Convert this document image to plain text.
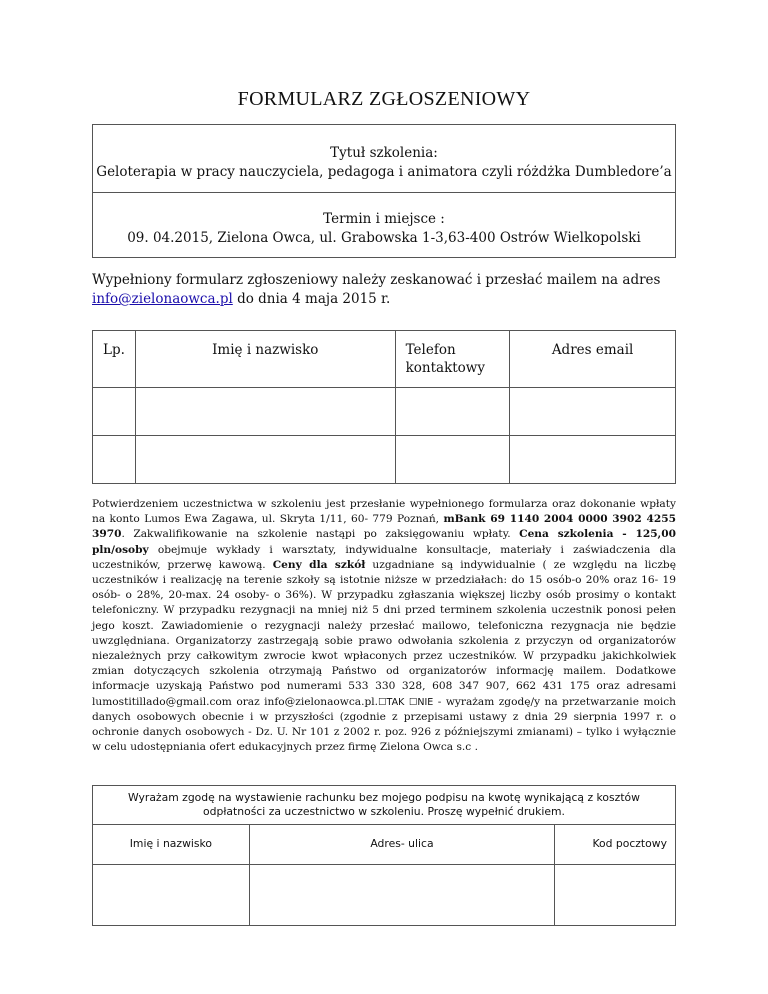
FORMULARZ ZGŁOSZENIOWY
Tytuł szkolenia:
Geloterapia w pracy nauczyciela, pedagoga i animatora czyli różdżka Dumbledore’a
Termin i miejsce :
09. 04.2015, Zielona Owca, ul. Grabowska 1-3,63-400 Ostrów Wielkopolski
Wypełniony formularz zgłoszeniowy należy zeskanować i przesłać mailem na adres
info@zielonaowca.pl do dnia 4 maja 2015 r.
Lp.	Imię i nazwisko	Telefon kontaktowy	Adres email

Potwierdzeniem uczestnictwa w szkoleniu jest przesłanie wypełnionego formularza oraz dokonanie wpłaty na konto Lumos Ewa Zagawa, ul. Skryta 1/11, 60- 779 Poznań, mBank 69 1140 2004 0000 3902 4255 3970. Zakwalifikowanie na szkolenie nastąpi po zaksięgowaniu wpłaty. Cena szkolenia - 125,00 pln/osoby obejmuje wykłady i warsztaty, indywidualne konsultacje, materiały i zaświadczenia dla uczestników, przerwę kawową. Ceny dla szkół uzgadniane są indywidualnie ( ze względu na liczbę uczestników i realizację na terenie szkoły są istotnie niższe w przedziałach: do 15 osób-o 20% oraz 16- 19 osób- o 28%, 20-max. 24 osoby- o 36%). W przypadku zgłaszania większej liczby osób prosimy o kontakt telefoniczny. W przypadku rezygnacji na mniej niż 5 dni przed terminem szkolenia uczestnik ponosi pełen jego koszt. Zawiadomienie o rezygnacji należy przesłać mailowo, telefoniczna rezygnacja nie będzie uwzględniana. Organizatorzy zastrzegają sobie prawo odwołania szkolenia z przyczyn od organizatorów niezależnych przy całkowitym zwrocie kwot wpłaconych przez uczestników. W przypadku jakichkolwiek zmian dotyczących szkolenia otrzymają Państwo od organizatorów informację mailem. Dodatkowe informacje uzyskają Państwo pod numerami 533 330 328, 608 347 907, 662 431 175 oraz adresami lumostitillado@gmail.com oraz info@zielonaowca.pl.☐TAK ☐NIE - wyrażam zgodę/y na przetwarzanie moich danych osobowych obecnie i w przyszłości (zgodnie z przepisami ustawy z dnia 29 sierpnia 1997 r. o ochronie danych osobowych - Dz. U. Nr 101 z 2002 r. poz. 926 z późniejszymi zmianami) – tylko i wyłącznie w celu udostępniania ofert edukacyjnych przez firmę Zielona Owca s.c .
Wyrażam zgodę na wystawienie rachunku bez mojego podpisu na kwotę wynikającą z kosztów odpłatności za uczestnictwo w szkoleniu. Proszę wypełnić drukiem.		
Imię i nazwisko	Adres- ulica	Kod pocztowy
